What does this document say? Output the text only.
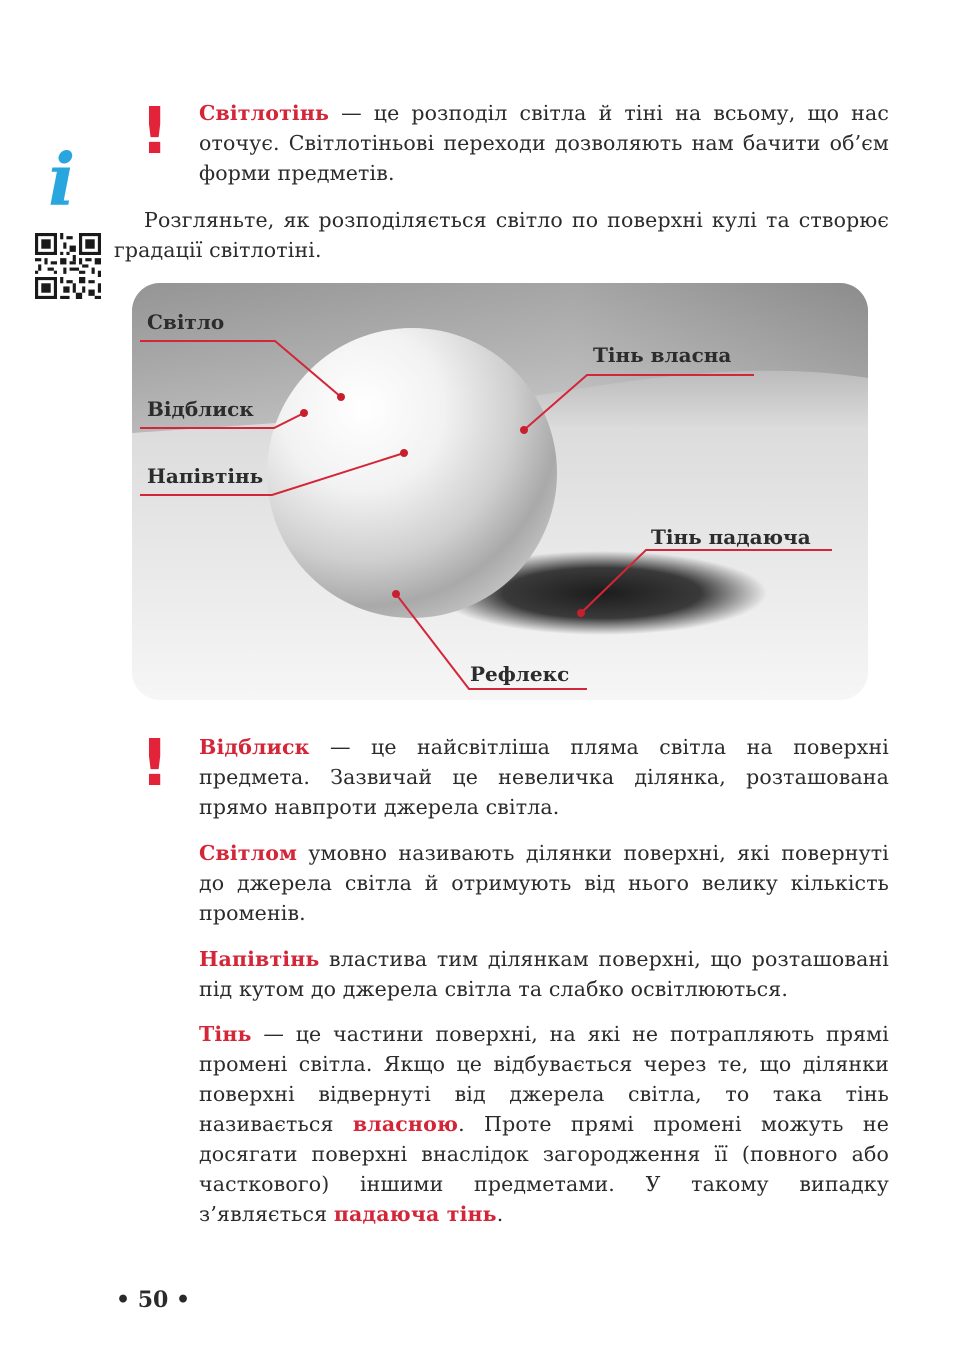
!
i
Світлотінь — це розподіл світла й тіні на всьому, що нас оточує. Світлотіньові переходи дозволяють нам бачити об’єм форми предметів.
Розгляньте, як розподіляється світло по поверхні кулі та створює градації світлотіні.
Світло
Відблиск
Напівтінь
Тінь власна
Тінь падаюча
Рефлекс
! Відблиск — це найсвітліша пляма світла на поверхні предмета. Зазвичай це невеличка ділянка, розташована прямо навпроти джерела світла.
Світлом умовно називають ділянки поверхні, які повернуті до джерела світла й отримують від нього велику кількість променів.
Напівтінь властива тим ділянкам поверхні, що розташовані під кутом до джерела світла та слабко освітлюються.
Тінь — це частини поверхні, на які не потрапляють прямі промені світла. Якщо це відбувається через те, що ділянки поверхні відвернуті від джерела світла, то така тінь називається власною. Проте прямі промені можуть не досягати поверхні внаслідок загородження її (повного або часткового) іншими предметами. У такому випадку з’являється падаюча тінь.
• 50 •
